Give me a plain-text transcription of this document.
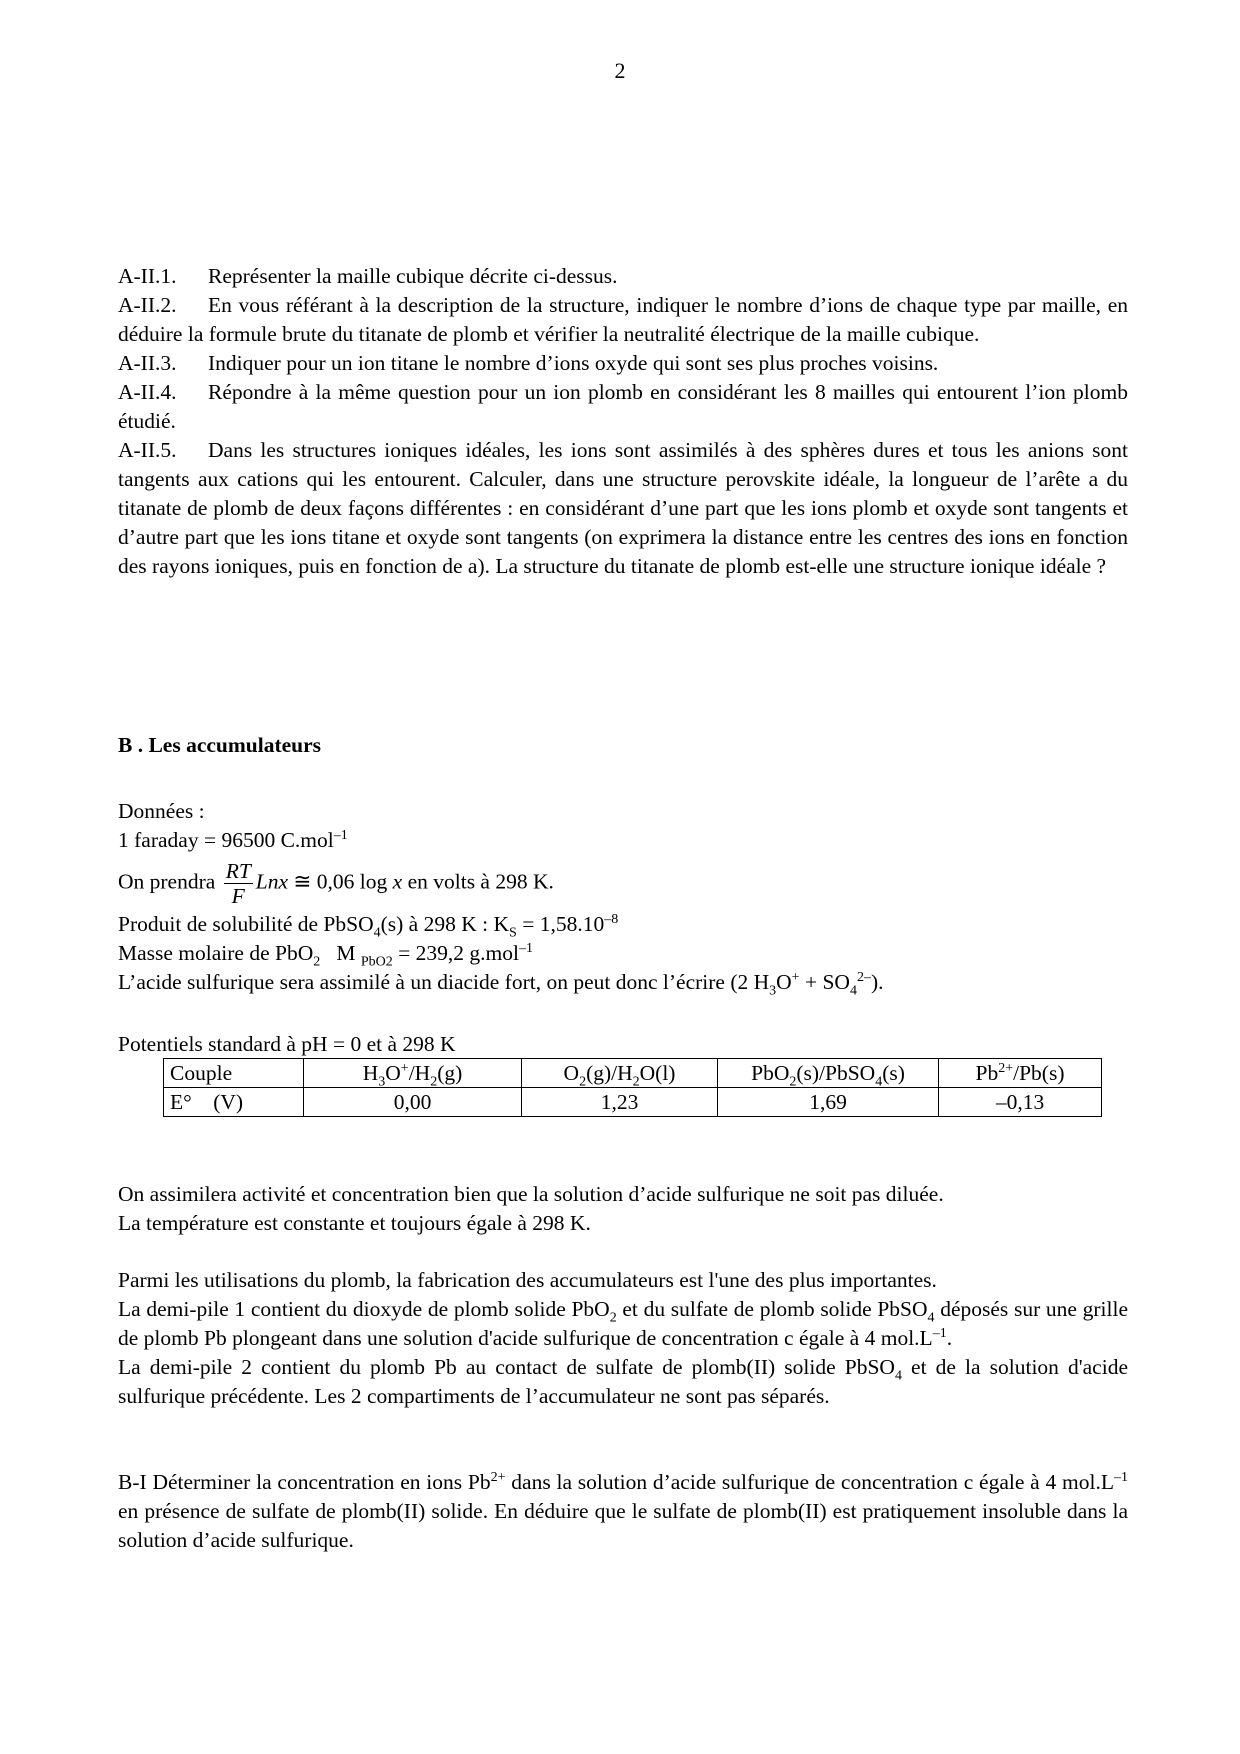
2

A-II.1. Représenter la maille cubique décrite ci-dessus.

A-II.2. En vous référant à la description de la structure, indiquer le nombre d’ions de chaque type par maille, en déduire la formule brute du titanate de plomb et vérifier la neutralité électrique de la maille cubique.

A-II.3. Indiquer pour un ion titane le nombre d’ions oxyde qui sont ses plus proches voisins.

A-II.4. Répondre à la même question pour un ion plomb en considérant les 8 mailles qui entourent l’ion plomb étudié.

A-II.5. Dans les structures ioniques idéales, les ions sont assimilés à des sphères dures et tous les anions sont tangents aux cations qui les entourent. Calculer, dans une structure perovskite idéale, la longueur de l’arête a du titanate de plomb de deux façons différentes : en considérant d’une part que les ions plomb et oxyde sont tangents et d’autre part que les ions titane et oxyde sont tangents (on exprimera la distance entre les centres des ions en fonction des rayons ioniques, puis en fonction de a). La structure du titanate de plomb est-elle une structure ionique idéale ?

B . Les accumulateurs

Données :

1 faraday = 96500 C.mol$^{-1}$

On prendra $\frac{RT}{F}$ Lnx ≅ 0,06 log x en volts à 298 K.

Produit de solubilité de PbSO$_4$(s) à 298 K : $K_S = 1,58.10^{-8}$

Masse molaire de PbO$_2$   M $_{PbO2}$ = 239,2 g.mol$^{-1}$

L’acide sulfurique sera assimilé à un diacide fort, on peut donc l’écrire (2 $H_3O^+ + SO_4^{2-}$).

Potentiels standard à pH = 0 et à 298 K
Couple	$H_3O^+/H_2(g)$	$O_2(g)/H_2O(l)$	PbO$_2$(s)/PbSO$_4$(s)	$Pb^{2+}/Pb(s)$
E°    (V)	0,00	1,23	1,69	–0,13

On assimilera activité et concentration bien que la solution d’acide sulfurique ne soit pas diluée.

La température est constante et toujours égale à 298 K.

Parmi les utilisations du plomb, la fabrication des accumulateurs est l'une des plus importantes.

La demi-pile 1 contient du dioxyde de plomb solide PbO$_2$ et du sulfate de plomb solide PbSO$_4$ déposés sur une grille de plomb Pb plongeant dans une solution d'acide sulfurique de concentration c égale à 4 $mol.L^{-1}$.

La demi-pile 2 contient du plomb Pb au contact de sulfate de plomb(II) solide PbSO$_4$ et de la solution d'acide sulfurique précédente. Les 2 compartiments de l’accumulateur ne sont pas séparés.

B-I Déterminer la concentration en ions $Pb^{2+}$ dans la solution d’acide sulfurique de concentration c égale à 4 $mol.L^{-1}$ en présence de sulfate de plomb(II) solide. En déduire que le sulfate de plomb(II) est pratiquement insoluble dans la solution d’acide sulfurique.
